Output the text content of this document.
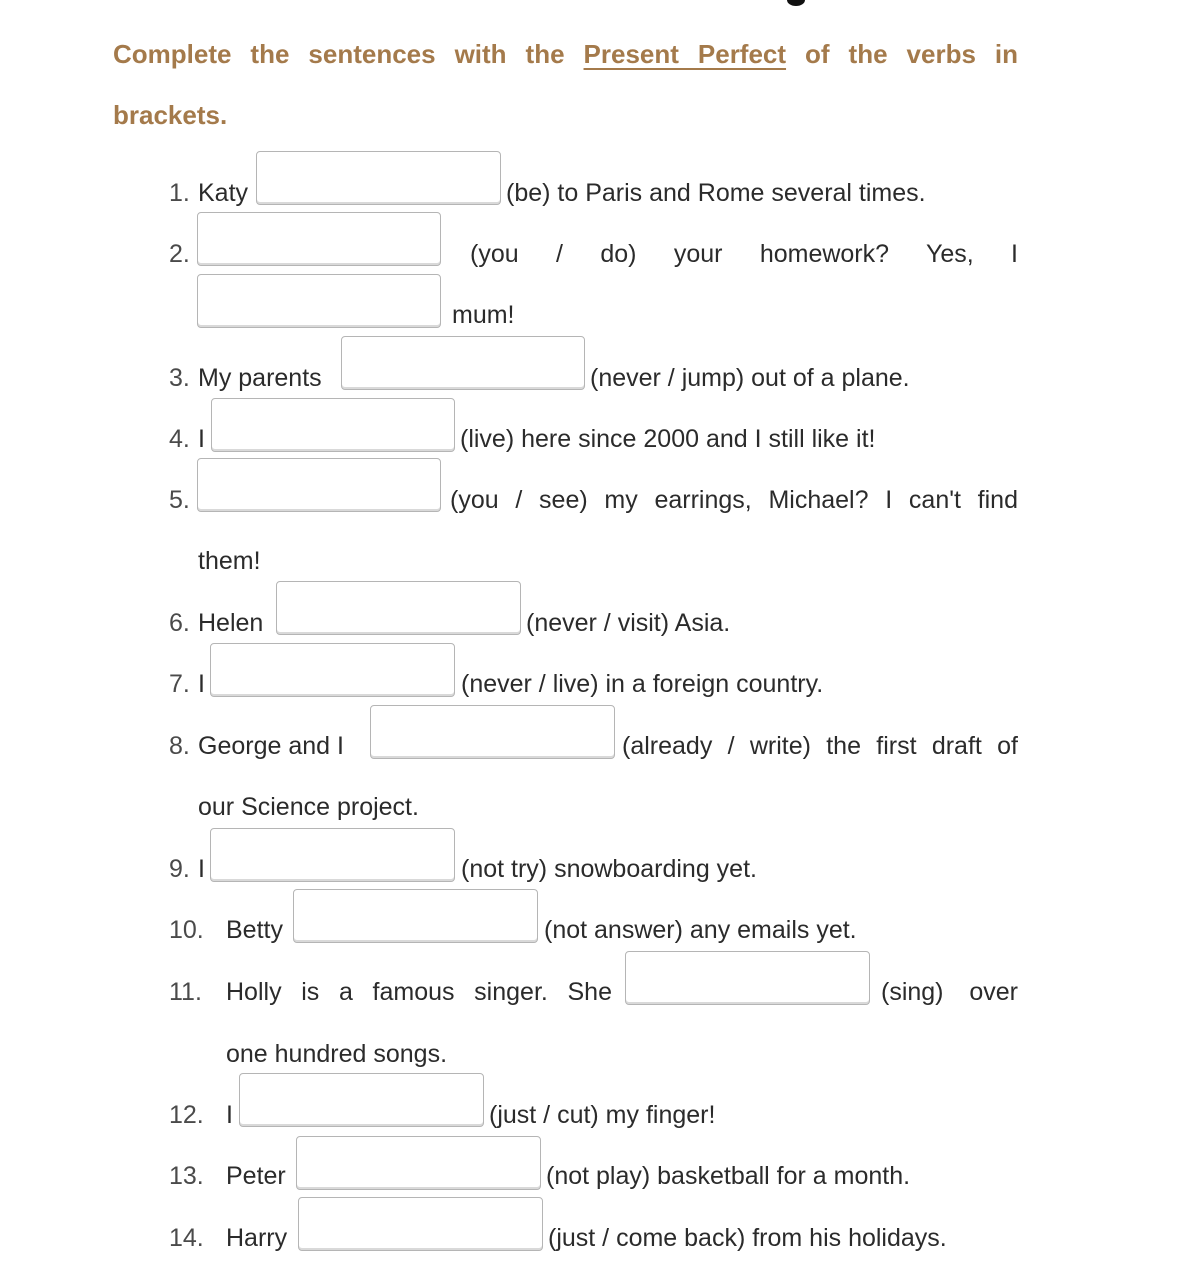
Complete the sentences with the Present Perfect of the verbs in brackets.
1. Katy	(be) to Paris and Rome several times.
2.	(you / do) your homework? Yes, I
mum!
3. My parents	(never / jump) out of a plane.
4. I	(live) here since 2000 and I still like it!
5.	(you / see) my earrings, Michael? I can't find
them!
6. Helen	(never / visit) Asia.
7. I	(never / live) in a foreign country.
8. George and I	(already / write) the first draft of
our Science project.
9. I	(not try) snowboarding yet.
10. Betty	(not answer) any emails yet.
11. Holly is a famous singer. She	(sing) over
one hundred songs.
12. I	(just / cut) my finger!
13. Peter	(not play) basketball for a month.
14. Harry	(just / come back) from his holidays.
